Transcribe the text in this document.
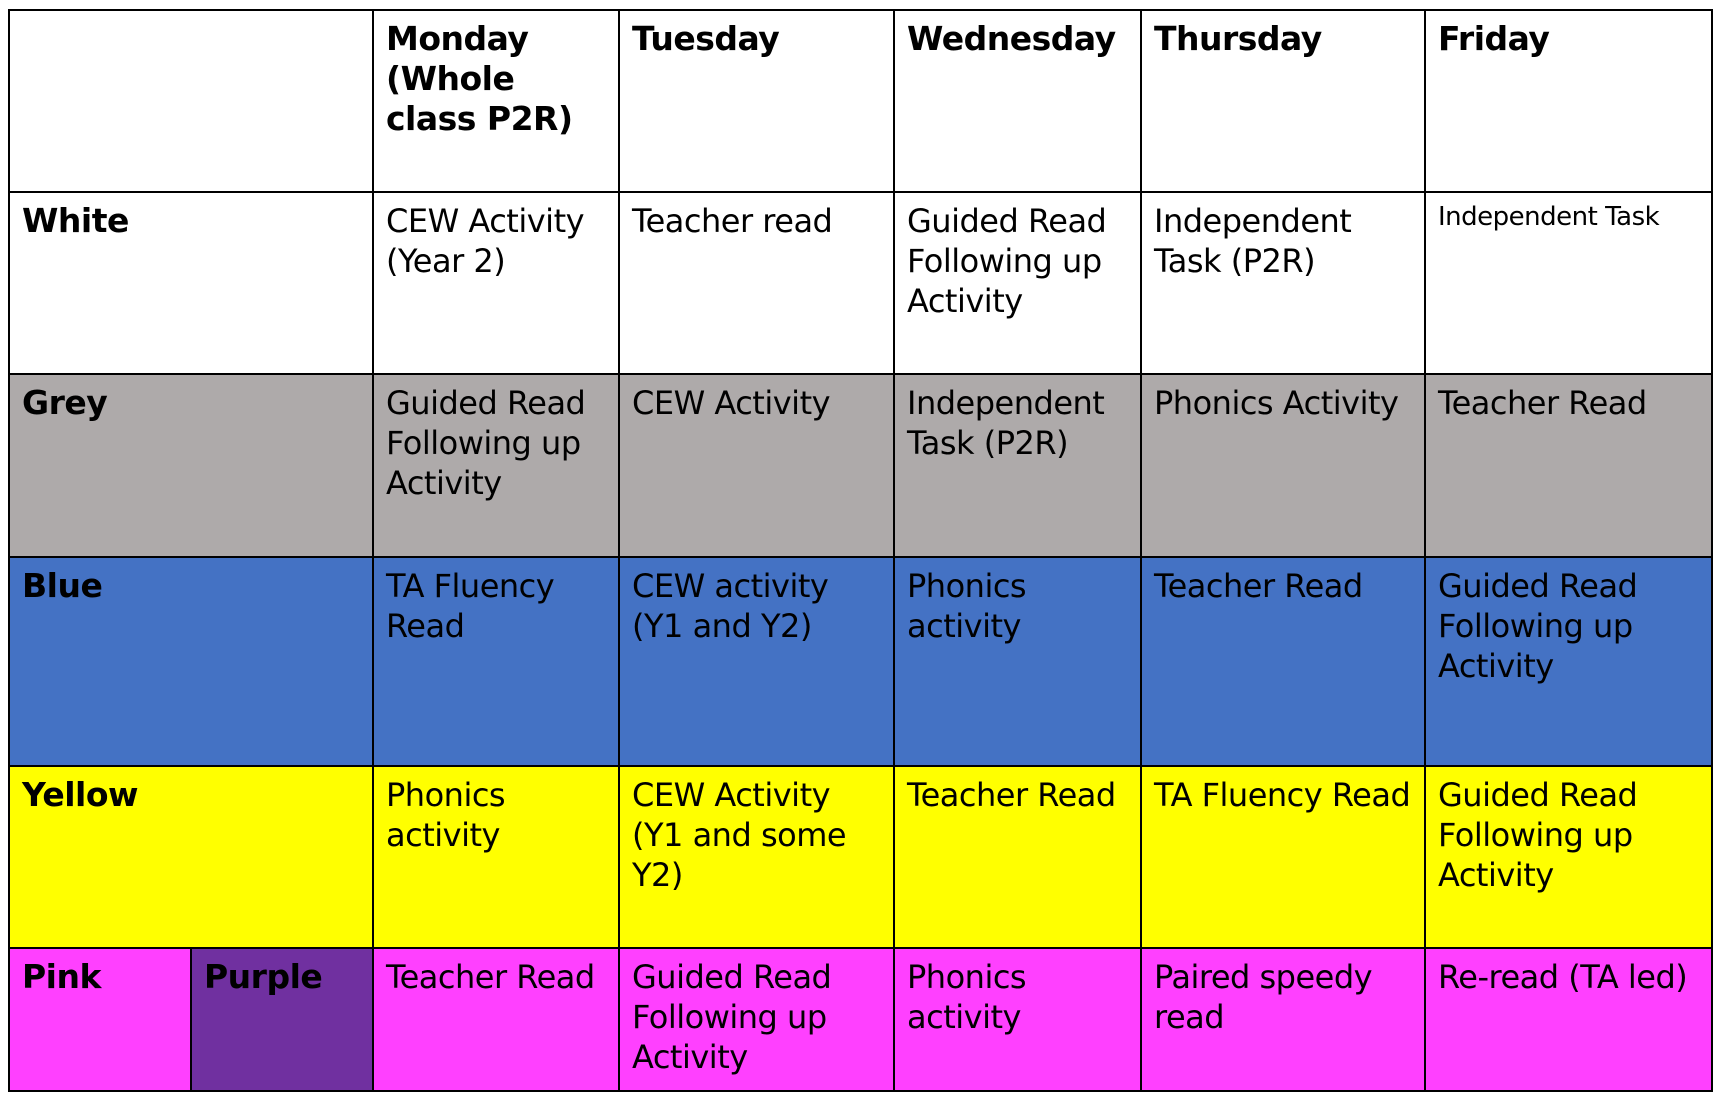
		Monday (Whole class P2R)	Tuesday	Wednesday	Thursday	Friday
White		CEW Activity (Year 2)	Teacher read	Guided Read Following up Activity	Independent Task (P2R)	Independent Task
Grey		Guided Read Following up Activity	CEW Activity	Independent Task (P2R)	Phonics Activity	Teacher Read
Blue		TA Fluency Read	CEW activity (Y1 and Y2)	Phonics activity	Teacher Read	Guided Read Following up Activity
Yellow		Phonics activity	CEW Activity (Y1 and some Y2)	Teacher Read	TA Fluency Read	Guided Read Following up Activity
Pink	Purple	Teacher Read	Guided Read Following up Activity	Phonics activity	Paired speedy read	Re-read (TA led)
